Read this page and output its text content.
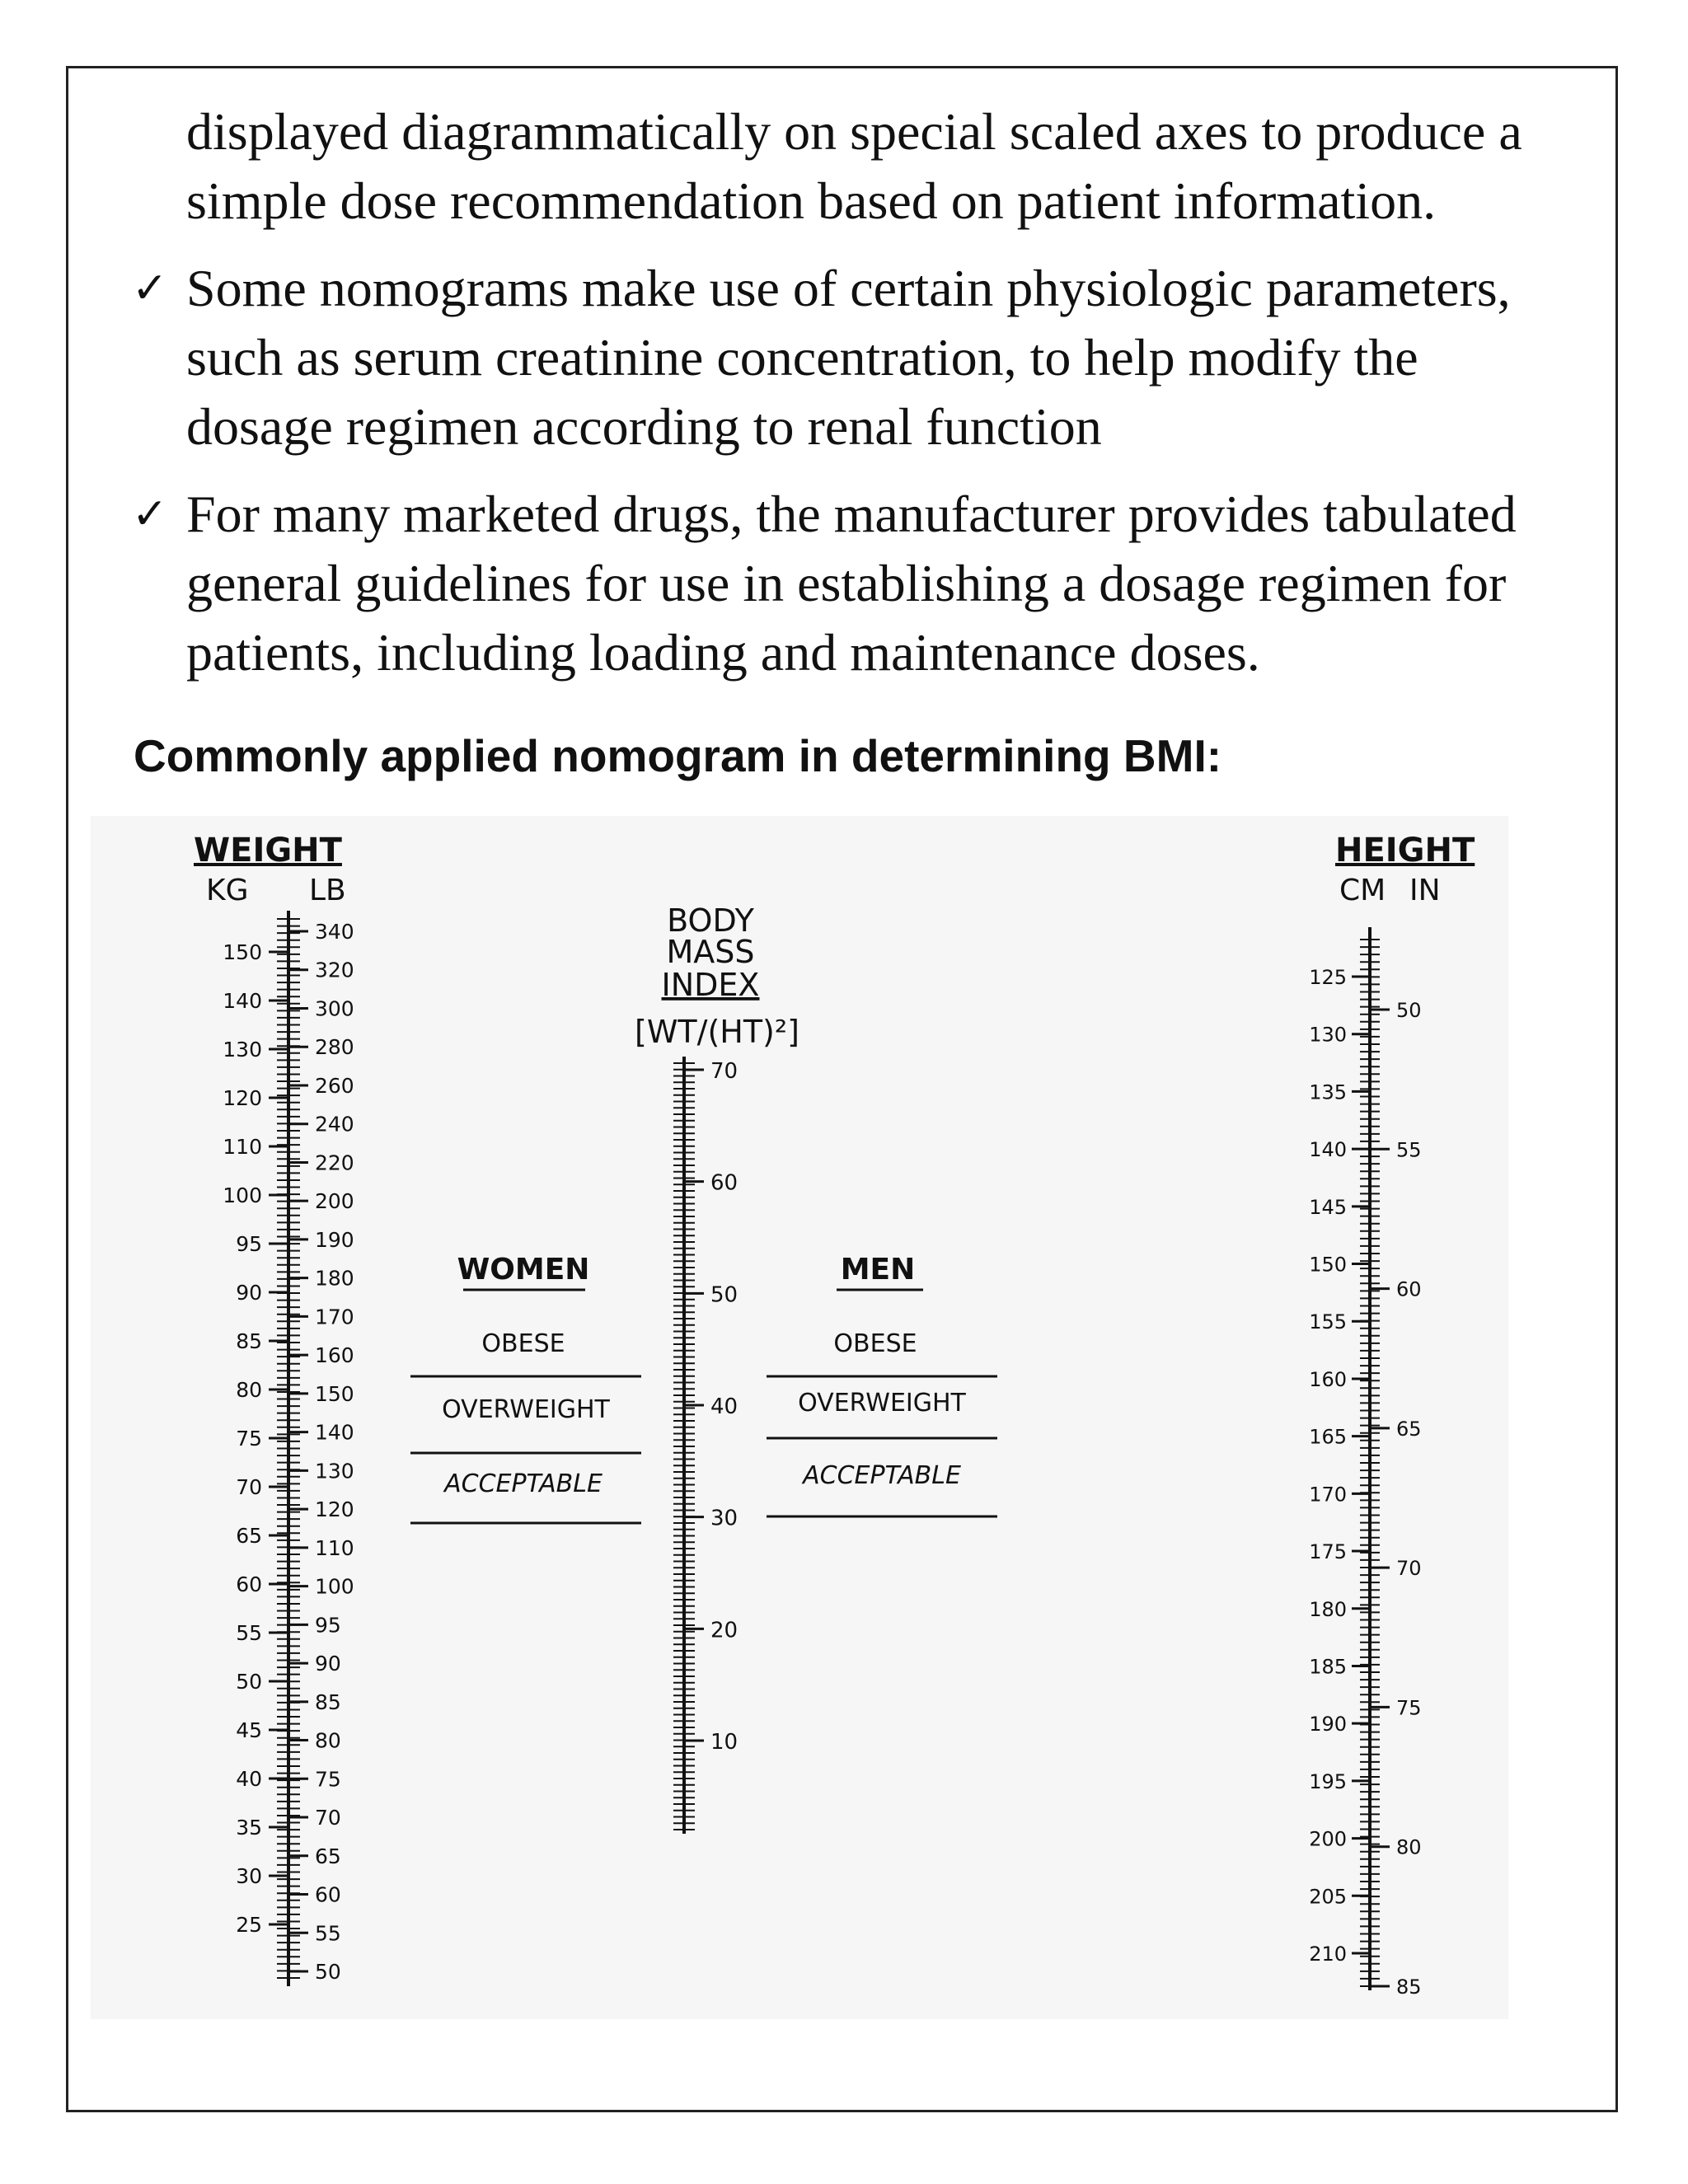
displayed diagrammatically on special scaled axes to produce a

simple dose recommendation based on patient information.

✓ Some nomograms make use of certain physiologic parameters,
such as serum creatinine concentration, to help modify the
dosage regimen according to renal function
✓ For many marketed drugs, the manufacturer provides tabulated
general guidelines for use in establishing a dosage regimen for
patients, including loading and maintenance doses.
Commonly applied nomogram in determining BMI:
WEIGHT
KG LB
150
140
130
120
110
100
95
90
85
80
75
70
65
60
55
50
45
40
35
30
25
340
320
300
280
260
240
220
200
190
180
170
160
150
140
130
120
110
100
95
90
85
80
75
70
65
60
55
50
BODY
MASS
INDEX
[WT/(HT)²]
70
60
50
40
30
20
10
WOMEN
OBESE
OVERWEIGHT
ACCEPTABLE
MEN
OBESE
OVERWEIGHT
ACCEPTABLE
HEIGHT
CM IN
125
130
135
140
145
150
155
160
165
170
175
180
185
190
195
200
205
210
50
55
60
65
70
75
80
85
